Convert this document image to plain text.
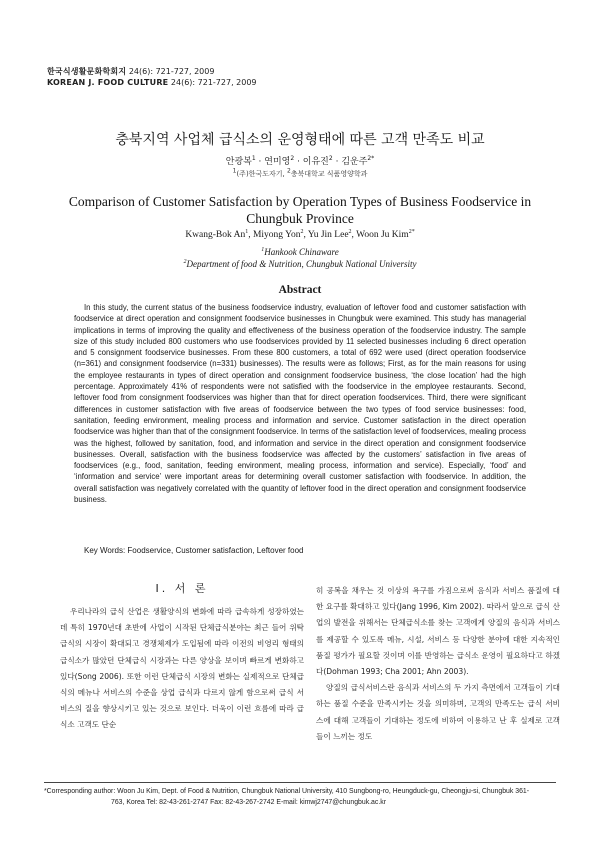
한국식생활문화학회지 24(6): 721-727, 2009
KOREAN J. FOOD CULTURE 24(6): 721-727, 2009
충북지역 사업체 급식소의 운영형태에 따른 고객 만족도 비교
안광복$^1$ · 연미영$^2$ · 이유진$^2$ · 김운주$^{2*}$
$^1$(주)한국도자기, $^2$충북대학교 식품영양학과
Comparison of Customer Satisfaction by Operation Types of Business Foodservice in Chungbuk Province
Kwang-Bok An$^1$, Miyong Yon$^2$, Yu Jin Lee$^2$, Woon Ju Kim$^{2*}$
$^1$Hankook Chinaware
$^2$Department of food & Nutrition, Chungbuk National University
Abstract
In this study, the current status of the business foodservice industry, evaluation of leftover food and customer satisfaction with foodservice at direct operation and consignment foodservice businesses in Chungbuk were examined. This study has managerial implications in terms of improving the quality and effectiveness of the business operation of the foodservice industry. The sample size of this study included 800 customers who use foodservices provided by 11 selected businesses including 6 direct operation and 5 consignment foodservice businesses. From these 800 customers, a total of 692 were used (direct operation foodservice (n=361) and consignment foodservice (n=331) businesses). The results were as follows; First, as for the main reasons for using the employee restaurants in types of direct operation and consignment foodservice business, ‘the close location’ had the high percentage. Approximately 41% of respondents were not satisfied with the foodservice in the employee restaurants. Second, leftover food from consignment foodservices was higher than that for direct operation foodservices. Third, there were significant differences in customer satisfaction with five areas of foodservice between the two types of food service businesses: food, sanitation, feeding environment, mealing process and information and service. Customer satisfaction in the direct operation foodservice was higher than that of the consignment foodservice. In terms of the satisfaction level of foodservices, mealing process was the highest, followed by sanitation, food, and information and service in the direct operation and consignment foodservice businesses. Overall, satisfaction with the business foodservice was affected by the customers’ satisfaction in five areas of foodservices (e.g., food, sanitation, feeding environment, mealing process, information and service). Especially, ‘food’ and ‘information and service’ were important areas for determining overall customer satisfaction with foodservice. In addition, the overall satisfaction was negatively correlated with the quantity of leftover food in the direct operation and consignment foodservice business.
Key Words: Foodservice, Customer satisfaction, Leftover food
I. 서 론
우리나라의 급식 산업은 생활양식의 변화에 따라 급속하게 성장하였는데 특히 1970년대 초반에 사업이 시작된 단체급식분야는 최근 들어 위탁급식의 시장이 확대되고 경쟁체제가 도입됨에 따라 이전의 비영리 형태의 급식소가 많았던 단체급식 시장과는 다른 양상을 보이며 빠르게 변화하고 있다(Song 2006). 또한 이런 단체급식 시장의 변화는 실제적으로 단체급식의 메뉴나 서비스의 수준을 상업 급식과 다르지 않게 함으로써 급식 서비스의 질을 향상시키고 있는 것으로 보인다. 더욱이 이런 흐름에 따라 급식소 고객도 단순
히 공복을 채우는 것 이상의 욕구를 가짐으로써 음식과 서비스 품질에 대한 요구를 확대하고 있다(Jang 1996, Kim 2002). 따라서 앞으로 급식 산업의 발전을 위해서는 단체급식소를 찾는 고객에게 양질의 음식과 서비스를 제공할 수 있도록 메뉴, 시설, 서비스 등 다양한 분야에 대한 지속적인 품질 평가가 필요할 것이며 이를 반영하는 급식소 운영이 필요하다고 하겠다(Dohman 1993; Cha 2001; Ahn 2003).
양질의 급식서비스란 음식과 서비스의 두 가지 측면에서 고객들이 기대하는 품질 수준을 만족시키는 것을 의미하며, 고객의 만족도는 급식 서비스에 대해 고객들이 기대하는 정도에 비하여 이용하고 난 후 실제로 고객들이 느끼는 정도
*Corresponding author: Woon Ju Kim, Dept. of Food & Nutrition, Chungbuk National University, 410 Sungbong-ro, Heungduck-gu, Cheongju-si, Chungbuk 361-
763, Korea Tel: 82-43-261-2747 Fax: 82-43-267-2742 E-mail: kimwj2747@chungbuk.ac.kr
